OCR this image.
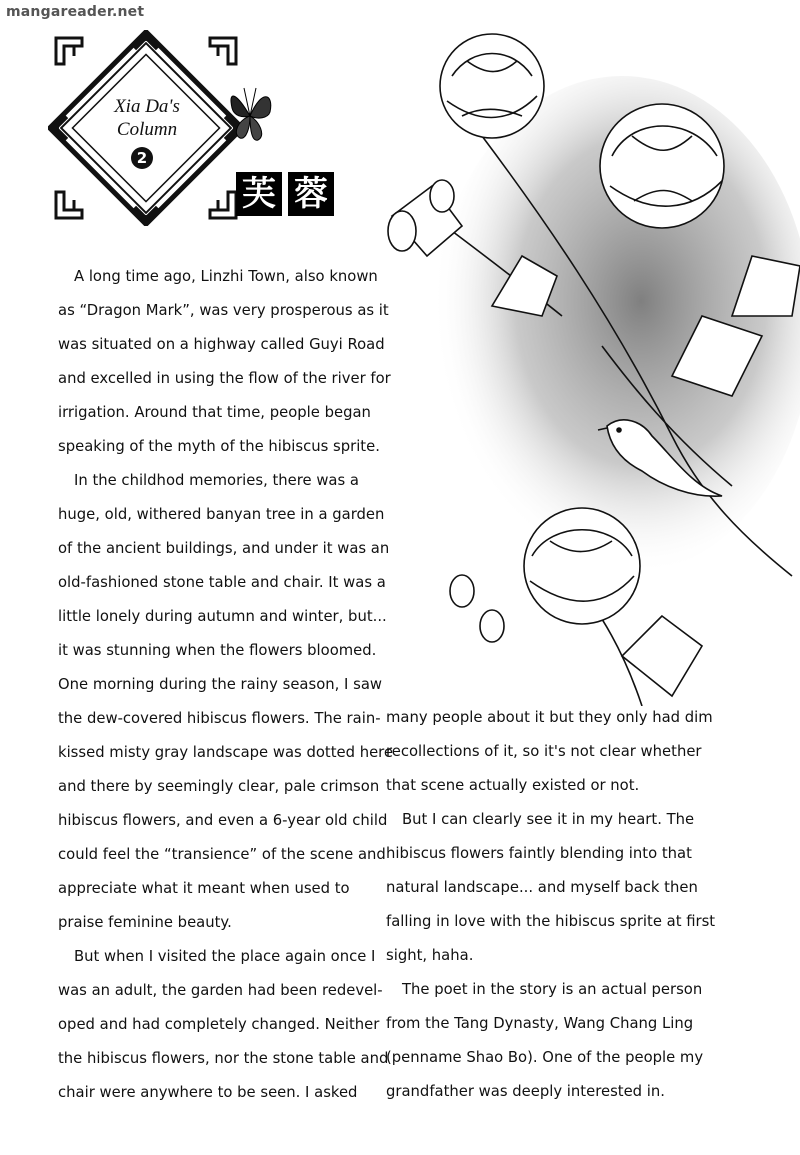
mangareader.net
Xia Da's
Column
2
芙 蓉

A long time ago, Linzhi Town, also known

as “Dragon Mark”, was very prosperous as it

was situated on a highway called Guyi Road

and excelled in using the flow of the river for

irrigation. Around that time, people began

speaking of the myth of the hibiscus sprite.

In the childhod memories, there was a

huge, old, withered banyan tree in a garden

of the ancient buildings, and under it was an

old-fashioned stone table and chair. It was a

little lonely during autumn and winter, but...

it was stunning when the flowers bloomed.

One morning during the rainy season, I saw

the dew-covered hibiscus flowers. The rain-

kissed misty gray landscape was dotted here

and there by seemingly clear, pale crimson

hibiscus flowers, and even a 6-year old child

could feel the “transience” of the scene and

appreciate what it meant when used to

praise feminine beauty.

But when I visited the place again once I

was an adult, the garden had been redevel-

oped and had completely changed. Neither

the hibiscus flowers, nor the stone table and

chair were anywhere to be seen. I asked

many people about it but they only had dim

recollections of it, so it's not clear whether

that scene actually existed or not.

But I can clearly see it in my heart. The

hibiscus flowers faintly blending into that

natural landscape... and myself back then

falling in love with the hibiscus sprite at first

sight, haha.

The poet in the story is an actual person

from the Tang Dynasty, Wang Chang Ling

(penname Shao Bo). One of the people my

grandfather was deeply interested in.
